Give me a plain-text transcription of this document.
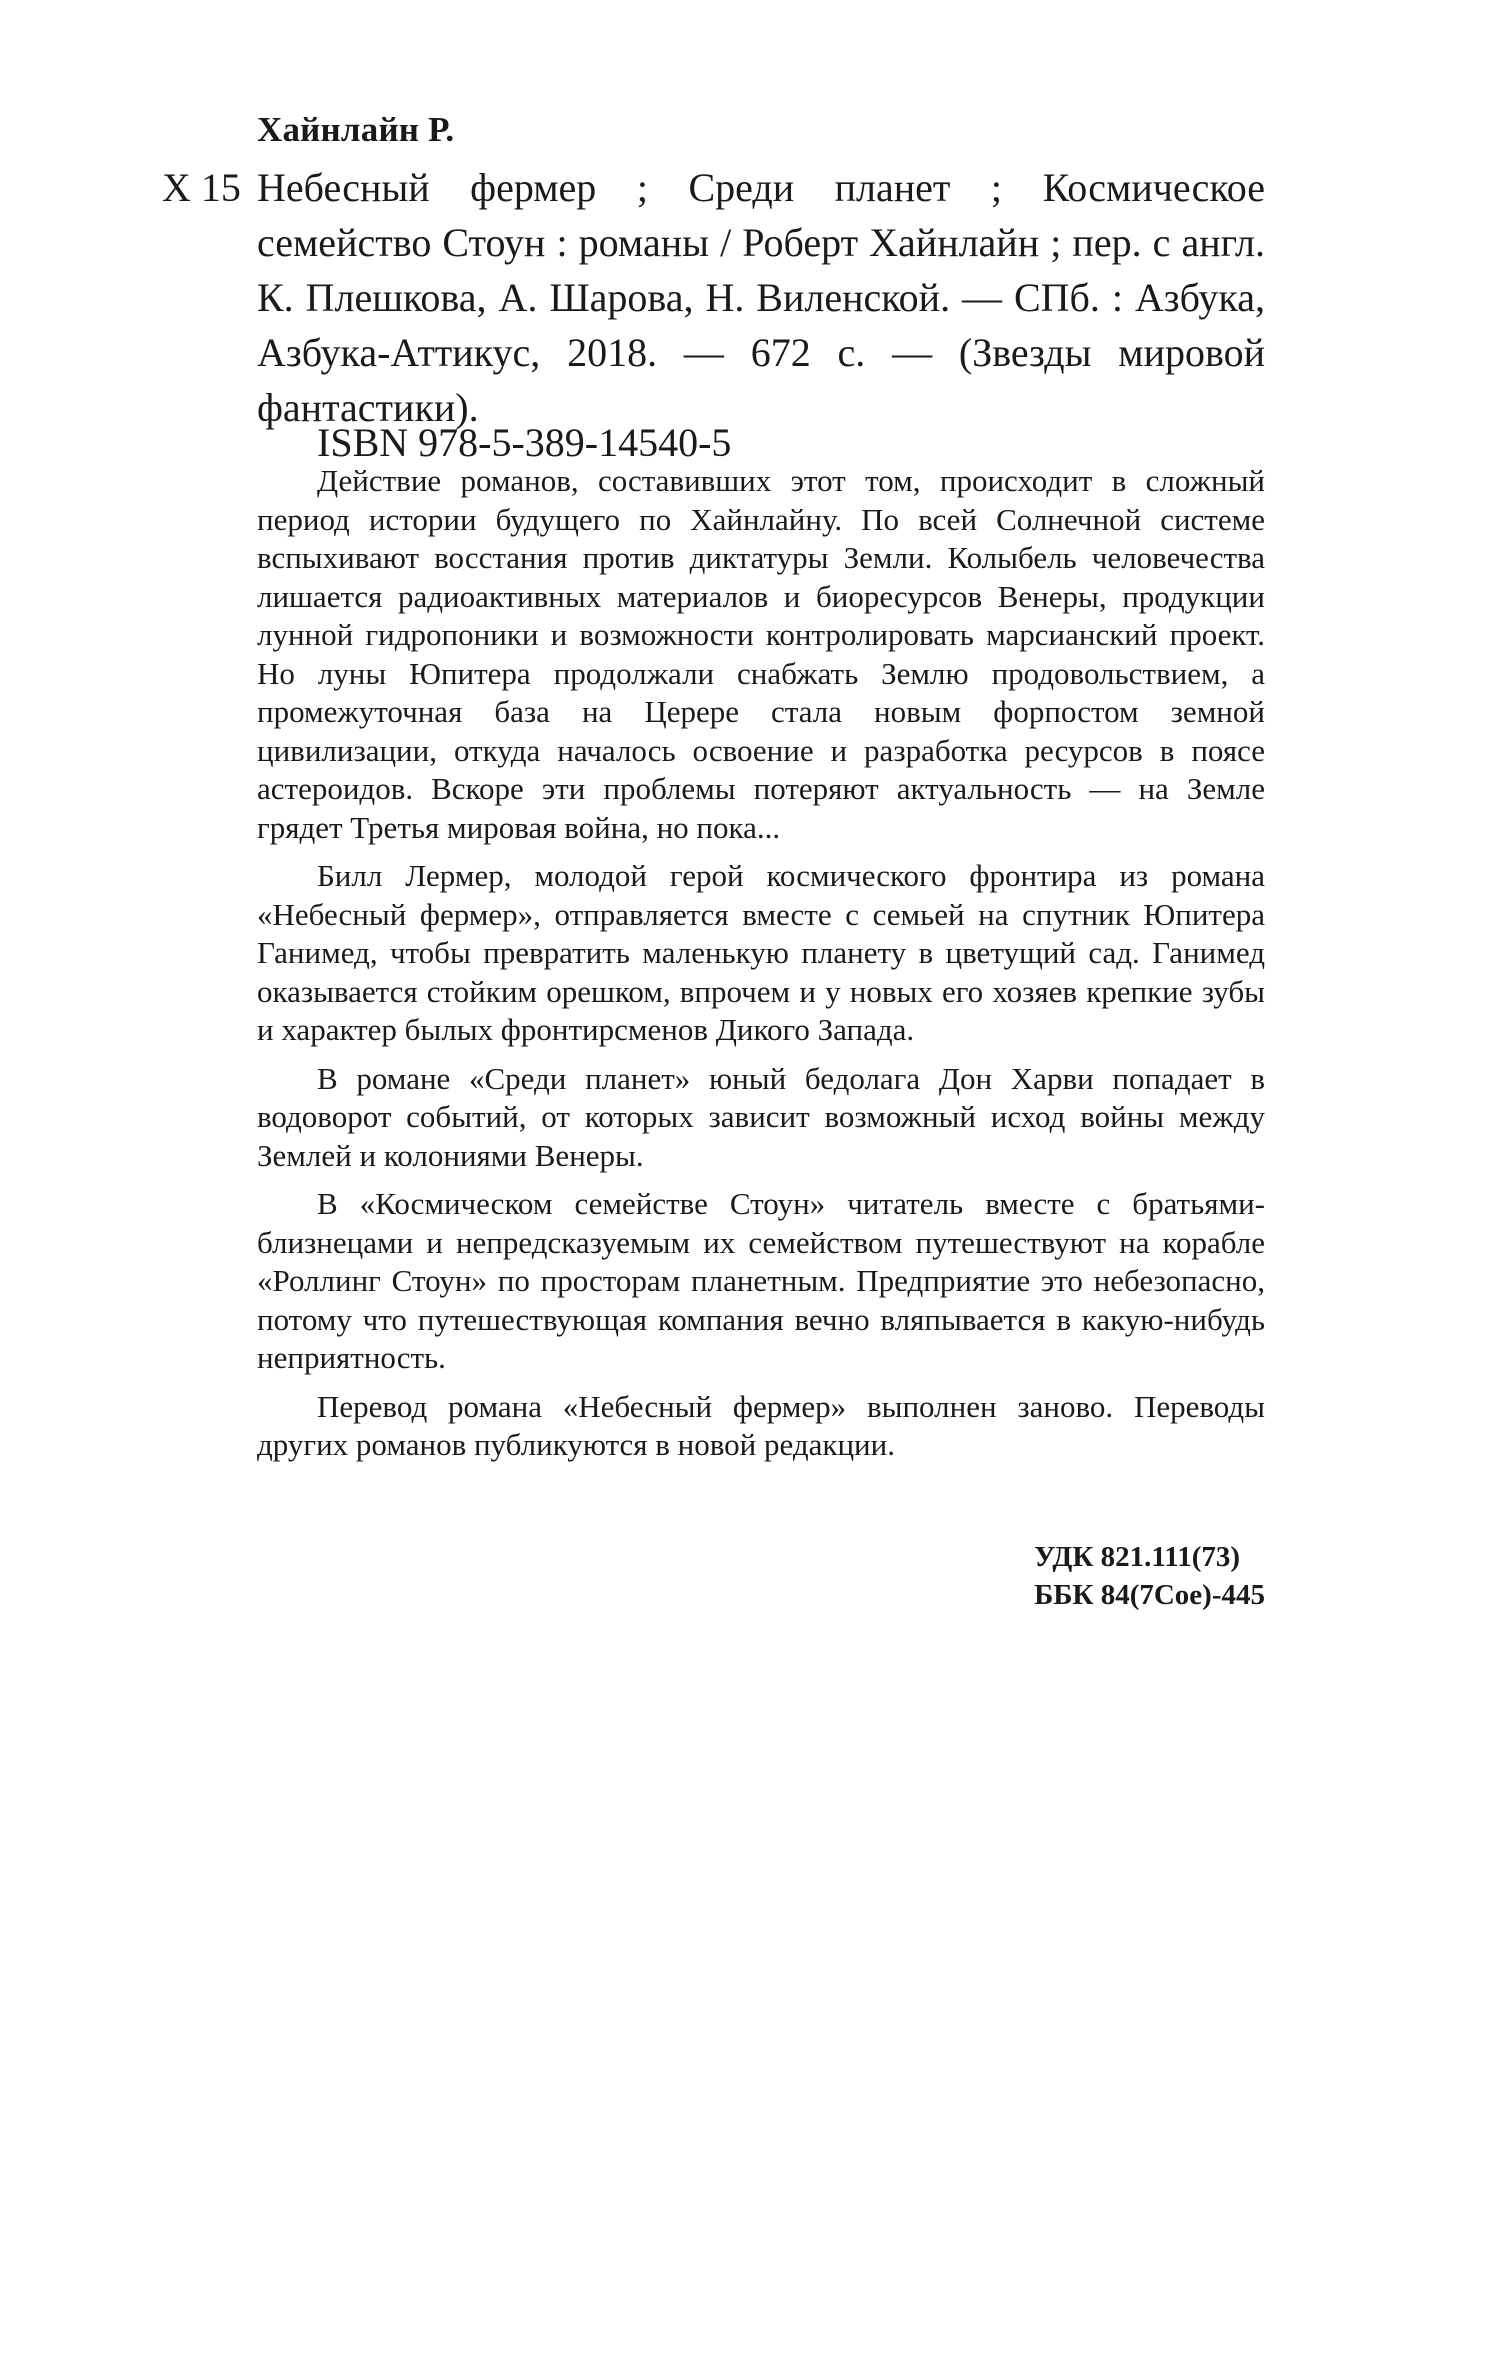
Хайнлайн Р.
Х 15 Небесный фермер ; Среди планет ; Космическое семейство Стоун : романы / Роберт Хайнлайн ; пер. с англ. К. Плешкова, А. Шарова, Н. Виленской. — СПб. : Азбука, Азбука-Аттикус, 2018. — 672 с. — (Звезды мировой фантастики).
ISBN 978-5-389-14540-5

Действие романов, составивших этот том, происходит в сложный период истории будущего по Хайнлайну. По всей Солнечной системе вспыхивают восстания против диктатуры Земли. Колыбель человечества лишается радиоактивных материалов и биоресурсов Венеры, продукции лунной гидропоники и возможности контролировать марсианский проект. Но луны Юпитера продолжали снабжать Землю продовольствием, а промежуточная база на Церере стала новым форпостом земной цивилизации, откуда началось освоение и разработка ресурсов в поясе астероидов. Вскоре эти проблемы потеряют актуальность — на Земле грядет Третья мировая война, но пока...

Билл Лермер, молодой герой космического фронтира из романа «Небесный фермер», отправляется вместе с семьей на спутник Юпитера Ганимед, чтобы превратить маленькую планету в цветущий сад. Ганимед оказывается стойким орешком, впрочем и у новых его хозяев крепкие зубы и характер былых фронтирсменов Дикого Запада.

В романе «Среди планет» юный бедолага Дон Харви попадает в водоворот событий, от которых зависит возможный исход войны между Землей и колониями Венеры.

В «Космическом семействе Стоун» читатель вместе с братьями-близнецами и непредсказуемым их семейством путешествуют на корабле «Роллинг Стоун» по просторам планетным. Предприятие это небезопасно, потому что путешествующая компания вечно вляпывается в какую-нибудь неприятность.

Перевод романа «Небесный фермер» выполнен заново. Переводы других романов публикуются в новой редакции.

УДК 821.111(73)
ББК 84(7Сое)-445
